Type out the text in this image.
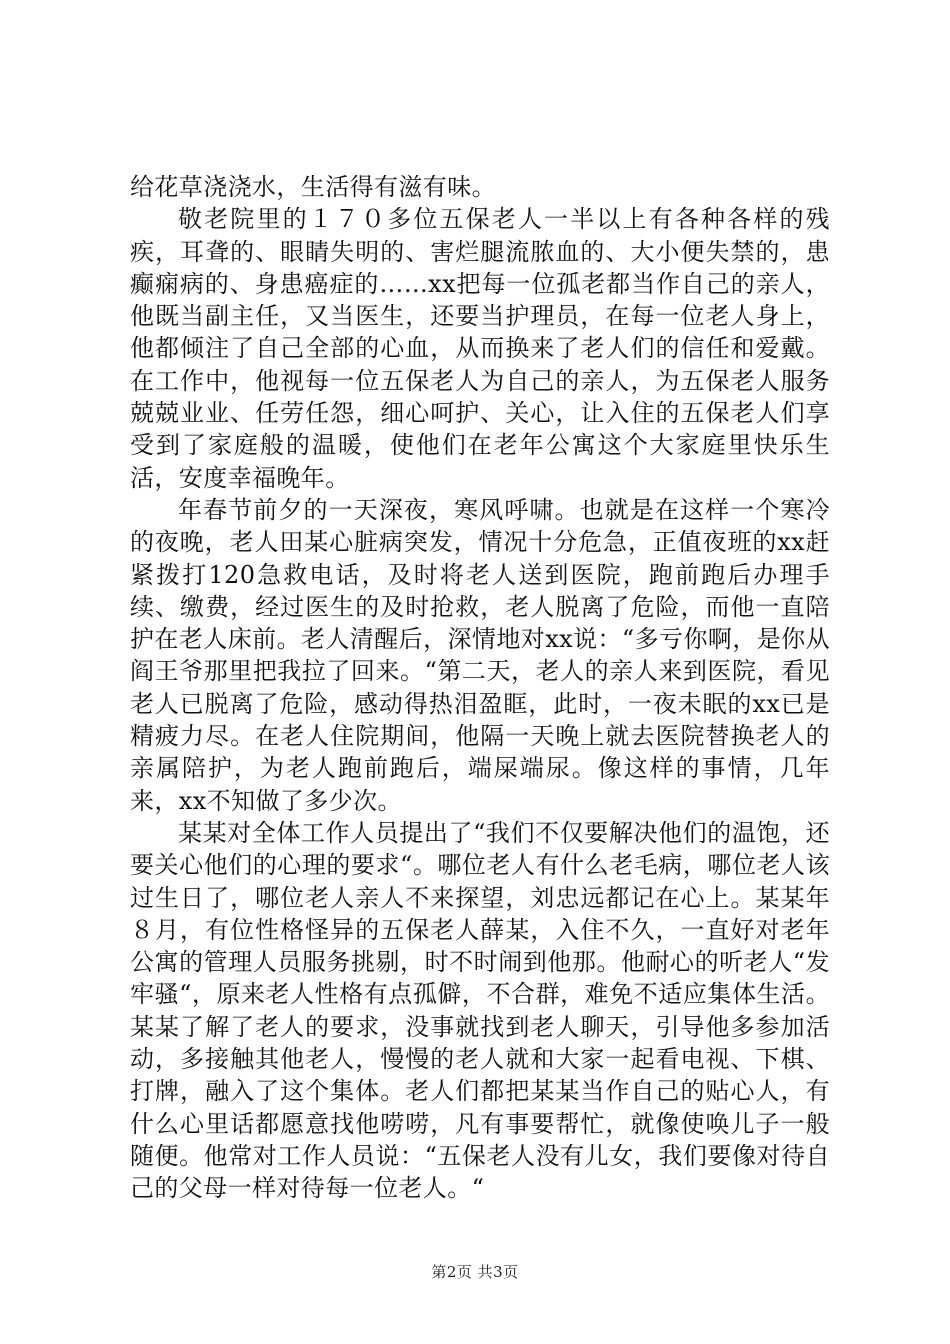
给花草浇浇水，生活得有滋有味。

敬老院里的１７０多位五保老人一半以上有各种各样的残疾，耳聋的、眼睛失明的、害烂腿流脓血的、大小便失禁的，患癫痫病的、身患癌症的……xx把每一位孤老都当作自己的亲人，他既当副主任，又当医生，还要当护理员，在每一位老人身上，他都倾注了自己全部的心血，从而换来了老人们的信任和爱戴。在工作中，他视每一位五保老人为自己的亲人，为五保老人服务兢兢业业、任劳任怨，细心呵护、关心，让入住的五保老人们享受到了家庭般的温暖，使他们在老年公寓这个大家庭里快乐生活，安度幸福晚年。

年春节前夕的一天深夜，寒风呼啸。也就是在这样一个寒冷的夜晚，老人田某心脏病突发，情况十分危急，正值夜班的xx赶紧拨打120急救电话，及时将老人送到医院，跑前跑后办理手续、缴费，经过医生的及时抢救，老人脱离了危险，而他一直陪护在老人床前。老人清醒后，深情地对xx说：“多亏你啊，是你从阎王爷那里把我拉了回来。“第二天，老人的亲人来到医院，看见老人已脱离了危险，感动得热泪盈眶，此时，一夜未眠的xx已是精疲力尽。在老人住院期间，他隔一天晚上就去医院替换老人的亲属陪护，为老人跑前跑后，端屎端尿。像这样的事情，几年来，xx不知做了多少次。

某某对全体工作人员提出了“我们不仅要解决他们的温饱，还要关心他们的心理的要求“。哪位老人有什么老毛病，哪位老人该过生日了，哪位老人亲人不来探望，刘忠远都记在心上。某某年８月，有位性格怪异的五保老人薛某，入住不久，一直好对老年公寓的管理人员服务挑剔，时不时闹到他那。他耐心的听老人“发牢骚“，原来老人性格有点孤僻，不合群，难免不适应集体生活。某某了解了老人的要求，没事就找到老人聊天，引导他多参加活动，多接触其他老人，慢慢的老人就和大家一起看电视、下棋、打牌，融入了这个集体。老人们都把某某当作自己的贴心人，有什么心里话都愿意找他唠唠，凡有事要帮忙，就像使唤儿子一般随便。他常对工作人员说：“五保老人没有儿女，我们要像对待自己的父母一样对待每一位老人。“

第2页 共3页
